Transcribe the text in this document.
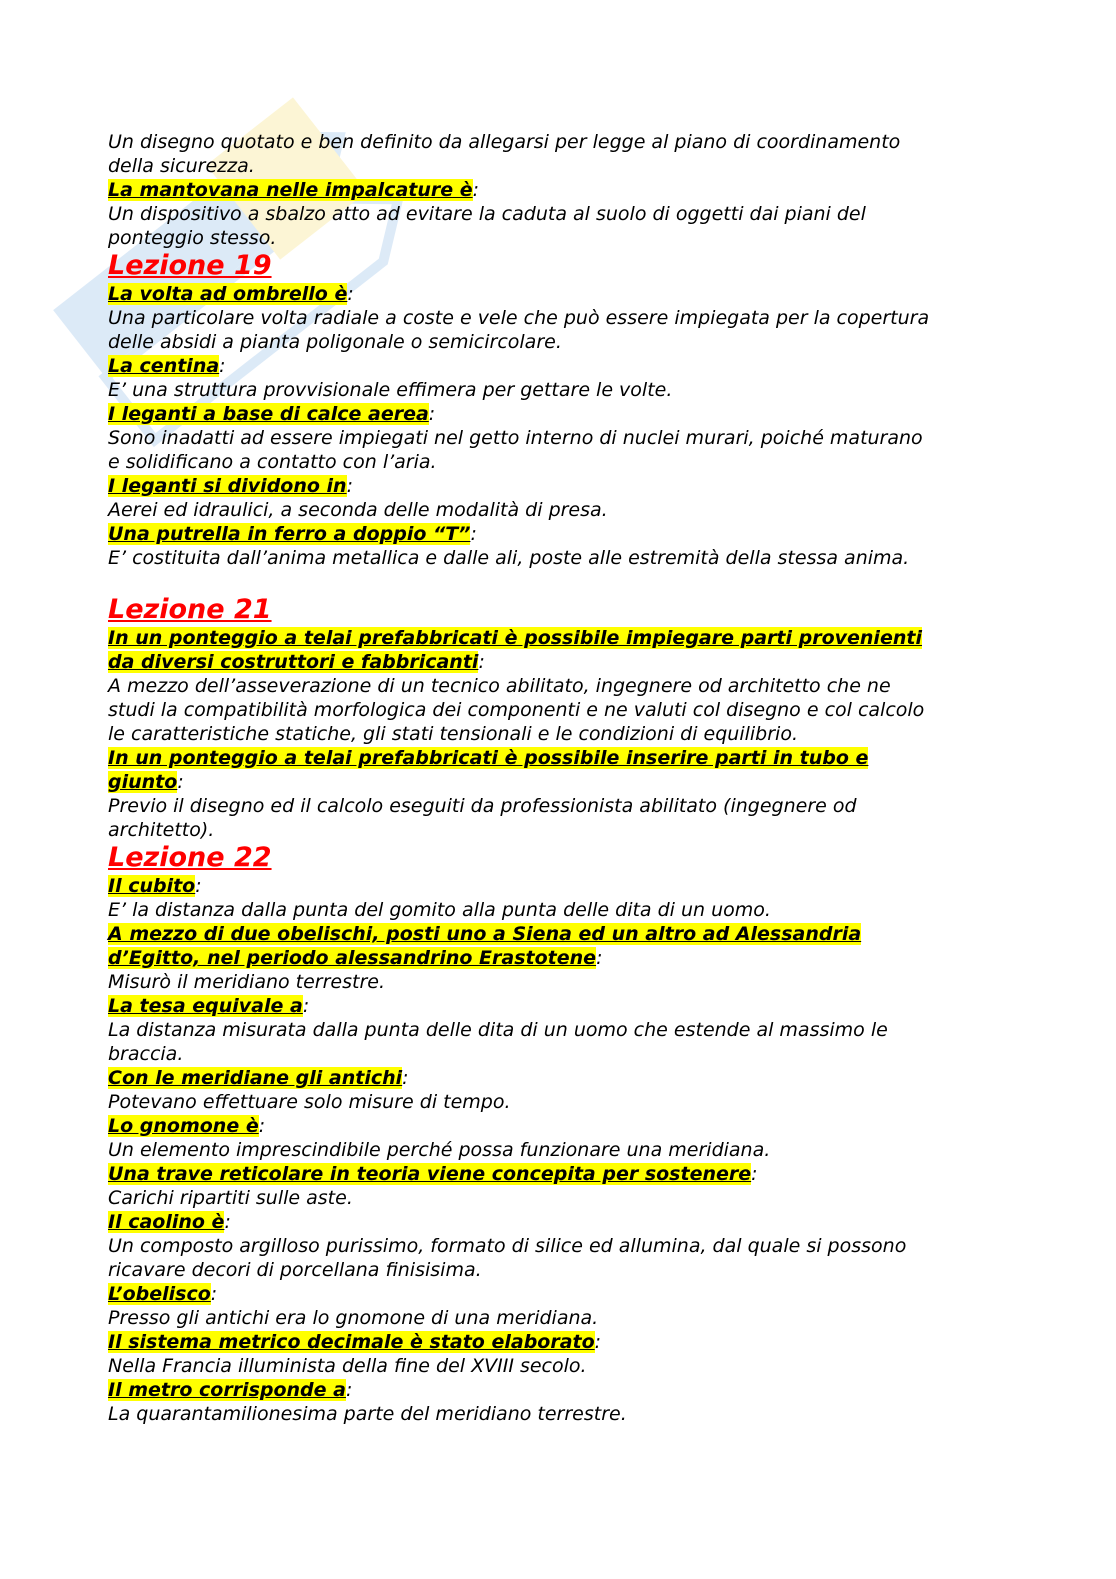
Un disegno quotato e ben definito da allegarsi per legge al piano di coordinamento
della sicurezza.
La mantovana nelle impalcature è:
Un dispositivo a sbalzo atto ad evitare la caduta al suolo di oggetti dai piani del
ponteggio stesso.
Lezione 19
La volta ad ombrello è:
Una particolare volta radiale a coste e vele che può essere impiegata per la copertura
delle absidi a pianta poligonale o semicircolare.
La centina:
E’ una struttura provvisionale effimera per gettare le volte.
I leganti a base di calce aerea:
Sono inadatti ad essere impiegati nel getto interno di nuclei murari, poiché maturano
e solidificano a contatto con l’aria.
I leganti si dividono in:
Aerei ed idraulici, a seconda delle modalità di presa.
Una putrella in ferro a doppio “T”:
E’ costituita dall’anima metallica e dalle ali, poste alle estremità della stessa anima.
Lezione 21
In un ponteggio a telai prefabbricati è possibile impiegare parti provenienti
da diversi costruttori e fabbricanti:
A mezzo dell’asseverazione di un tecnico abilitato, ingegnere od architetto che ne
studi la compatibilità morfologica dei componenti e ne valuti col disegno e col calcolo
le caratteristiche statiche, gli stati tensionali e le condizioni di equilibrio.
In un ponteggio a telai prefabbricati è possibile inserire parti in tubo e
giunto:
Previo il disegno ed il calcolo eseguiti da professionista abilitato (ingegnere od
architetto).
Lezione 22
Il cubito:
E’ la distanza dalla punta del gomito alla punta delle dita di un uomo.
A mezzo di due obelischi, posti uno a Siena ed un altro ad Alessandria
d’Egitto, nel periodo alessandrino Erastotene:
Misurò il meridiano terrestre.
La tesa equivale a:
La distanza misurata dalla punta delle dita di un uomo che estende al massimo le
braccia.
Con le meridiane gli antichi:
Potevano effettuare solo misure di tempo.
Lo gnomone è:
Un elemento imprescindibile perché possa funzionare una meridiana.
Una trave reticolare in teoria viene concepita per sostenere:
Carichi ripartiti sulle aste.
Il caolino è:
Un composto argilloso purissimo, formato di silice ed allumina, dal quale si possono
ricavare decori di porcellana finisisima.
L’obelisco:
Presso gli antichi era lo gnomone di una meridiana.
Il sistema metrico decimale è stato elaborato:
Nella Francia illuminista della fine del XVIII secolo.
Il metro corrisponde a:
La quarantamilionesima parte del meridiano terrestre.
